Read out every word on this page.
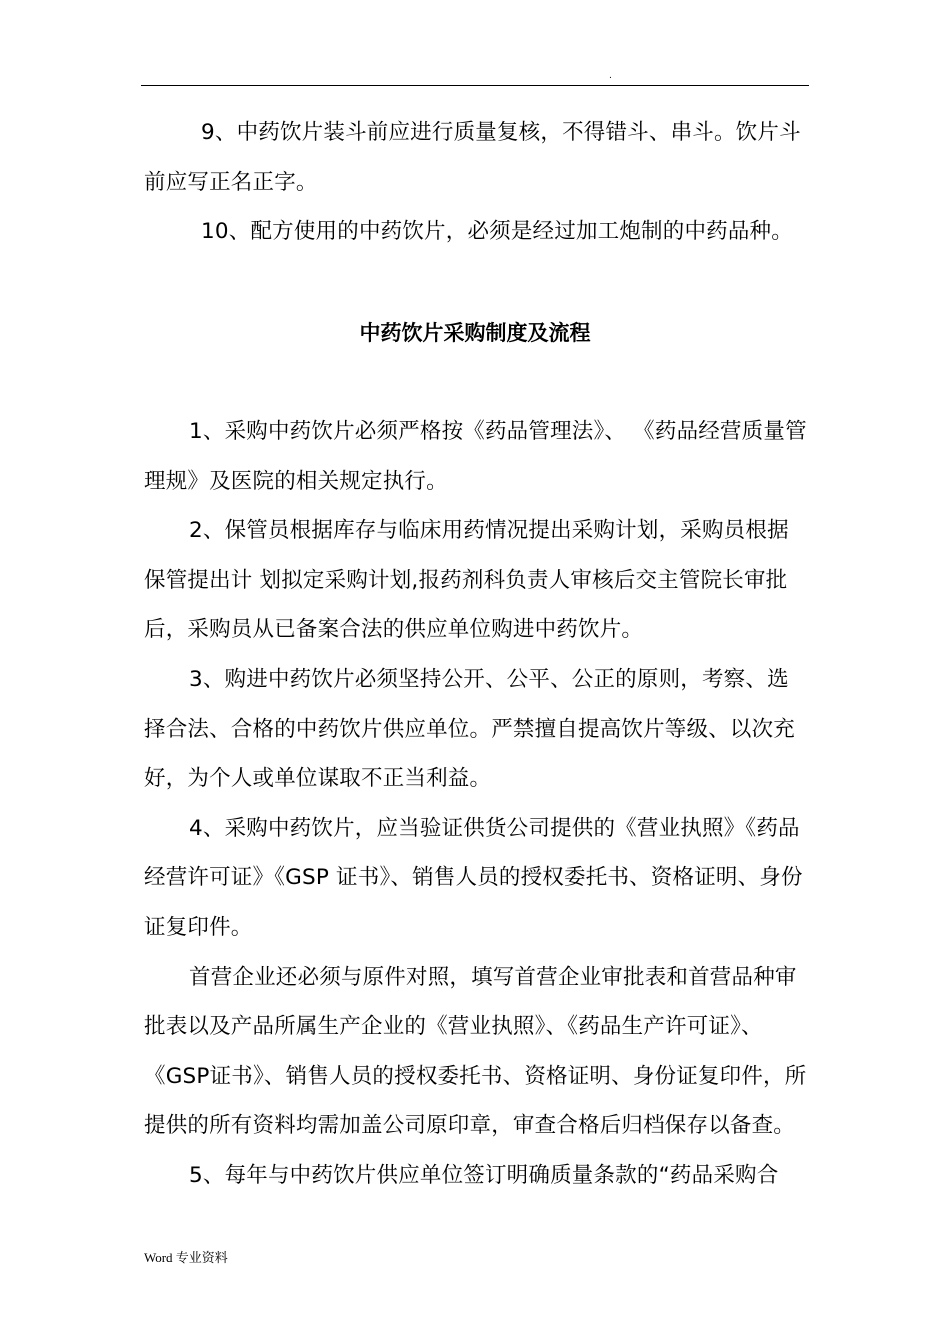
.

9、中药饮片装斗前应进行质量复核，不得错斗、串斗。饮片斗前应写正名正字。

10、配方使用的中药饮片，必须是经过加工炮制的中药品种。

中药饮片采购制度及流程

1、采购中药饮片必须严格按《药品管理法》、 《药品经营质量管理规》及医院的相关规定执行。

2、保管员根据库存与临床用药情况提出采购计划，采购员根据保管提出计 划拟定采购计划,报药剂科负责人审核后交主管院长审批后，采购员从已备案合法的供应单位购进中药饮片。

3、购进中药饮片必须坚持公开、公平、公正的原则，考察、选择合法、合格的中药饮片供应单位。严禁擅自提高饮片等级、以次充好，为个人或单位谋取不正当利益。

4、采购中药饮片，应当验证供货公司提供的《营业执照》《药品经营许可证》《GSP 证书》、销售人员的授权委托书、资格证明、身份证复印件。

首营企业还必须与原件对照，填写首营企业审批表和首营品种审批表以及产品所属生产企业的《营业执照》、《药品生产许可证》、《GSP证书》、销售人员的授权委托书、资格证明、身份证复印件，所提供的所有资料均需加盖公司原印章，审查合格后归档保存以备查。

5、每年与中药饮片供应单位签订明确质量条款的“药品采购合

Word 专业资料
